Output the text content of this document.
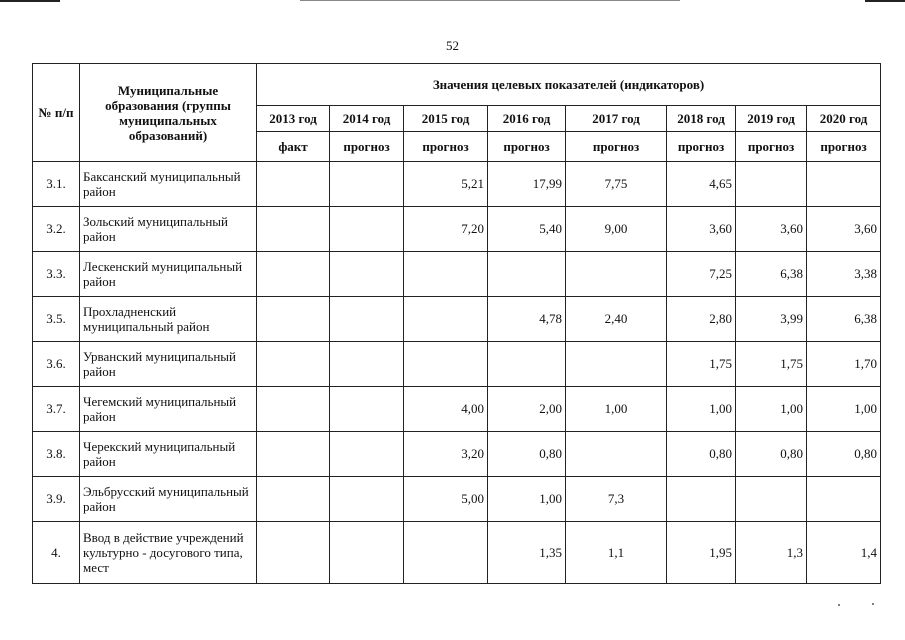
52
№ п/п	Муниципальные образования (группы муниципальных образований)	Значения целевых показателей (индикаторов)							
		2013 год	2014 год	2015 год	2016 год	2017 год	2018 год	2019 год	2020 год
		факт	прогноз	прогноз	прогноз	прогноз	прогноз	прогноз	прогноз
3.1.	Баксанский муниципальный район			5,21	17,99	7,75	4,65		
3.2.	Зольский муниципальный район			7,20	5,40	9,00	3,60	3,60	3,60
3.3.	Лескенский муниципальный район						7,25	6,38	3,38
3.5.	Прохладненский муниципальный район				4,78	2,40	2,80	3,99	6,38
3.6.	Урванский муниципальный район						1,75	1,75	1,70
3.7.	Чегемский муниципальный район			4,00	2,00	1,00	1,00	1,00	1,00
3.8.	Черекский муниципальный район			3,20	0,80		0,80	0,80	0,80
3.9.	Эльбрусский муниципальный район			5,00	1,00	7,3			
4.	Ввод в действие учреждений культурно - досугового типа, мест				1,35	1,1	1,95	1,3	1,4
